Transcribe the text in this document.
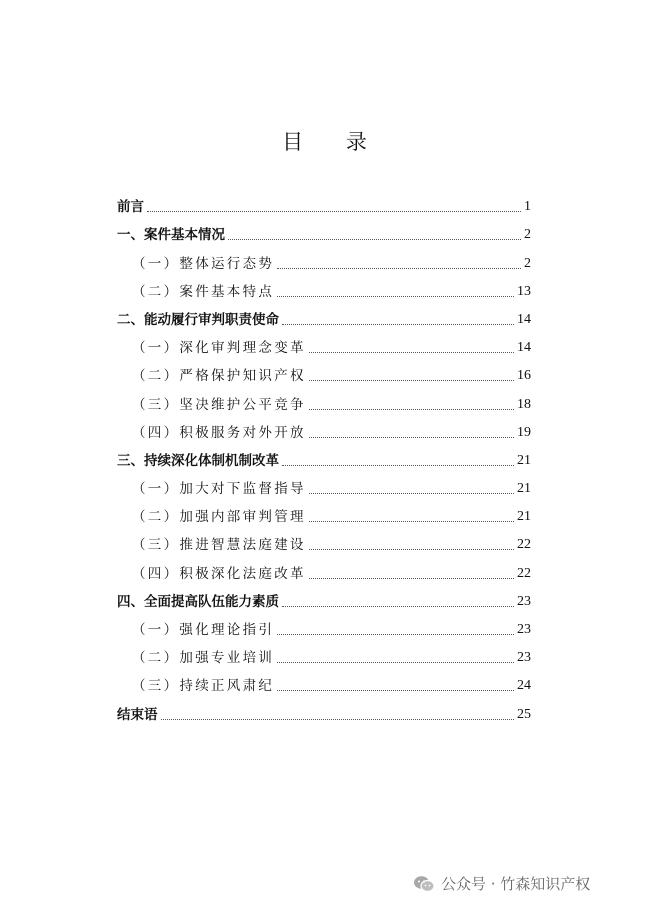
目 录
前言	1
一、案件基本情况	2
（一）整体运行态势	2
（二）案件基本特点	13
二、能动履行审判职责使命	14
（一）深化审判理念变革	14
（二）严格保护知识产权	16
（三）坚决维护公平竞争	18
（四）积极服务对外开放	19
三、持续深化体制机制改革	21
（一）加大对下监督指导	21
（二）加强内部审判管理	21
（三）推进智慧法庭建设	22
（四）积极深化法庭改革	22
四、全面提高队伍能力素质	23
（一）强化理论指引	23
（二）加强专业培训	23
（三）持续正风肃纪	24
结束语	25
公众号 · 竹森知识产权
